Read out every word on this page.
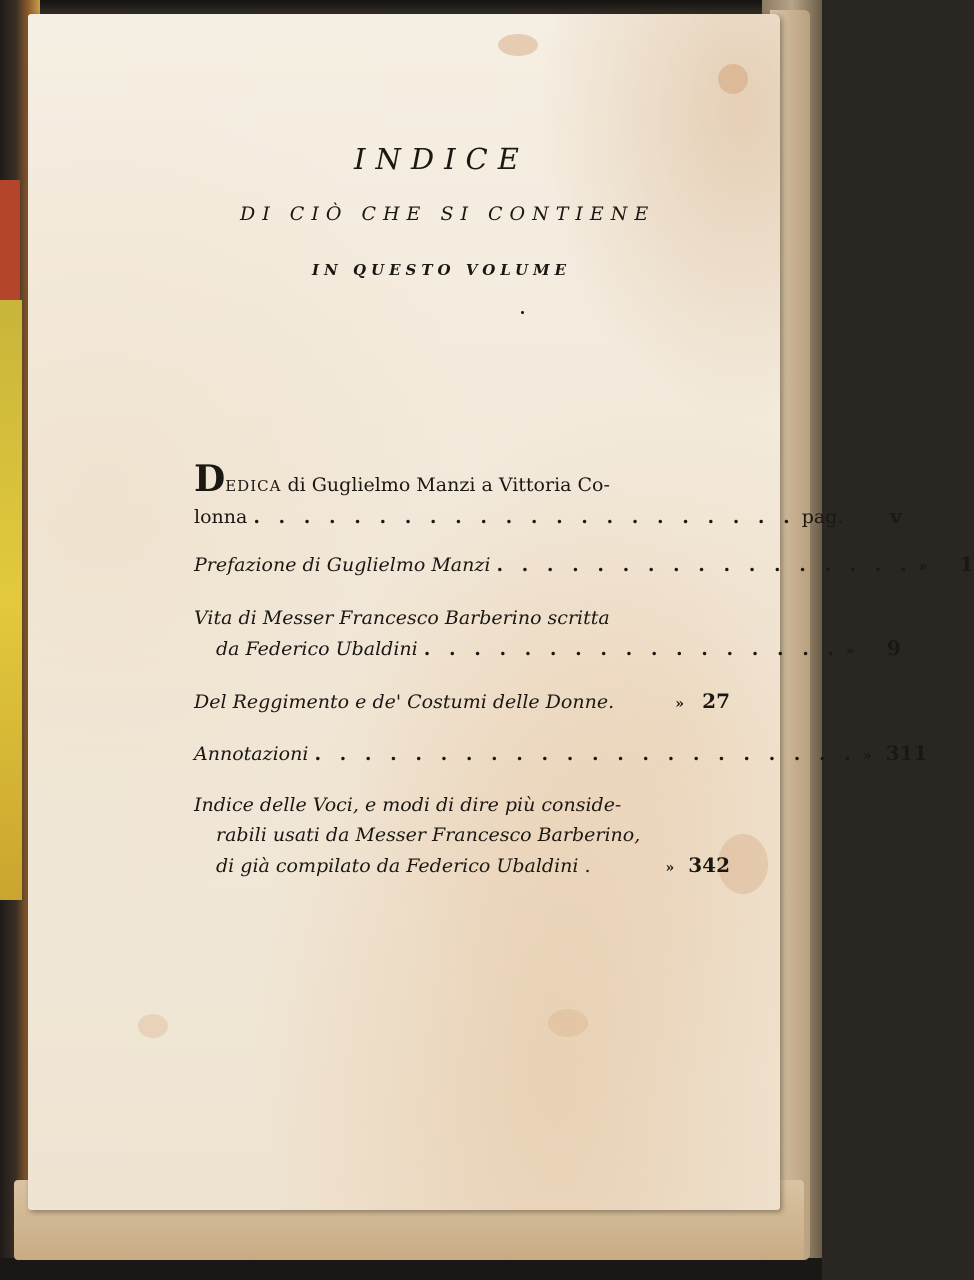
INDICE
DI CIÒ CHE SI CONTIENE
IN QUESTO VOLUME
D EDICA di Guglielmo Manzi a Vittoria Co-
lonna . . . . . . . . . . . . . . . . . . . . . . pag.	v
Prefazione di Guglielmo Manzi . . . . . . . . . . . . . . . . . »	1
Vita di Messer Francesco Barberino scritta
da Federico Ubaldini . . . . . . . . . . . . . . . . . »	9
Del Reggimento e de' Costumi delle Donne.	» 27
Annotazioni . . . . . . . . . . . . . . . . . . . . . . » 311
Indice delle Voci, e modi di dire più conside-
rabili usati da Messer Francesco Barberino,
di già compilato da Federico Ubaldini .	» 342
